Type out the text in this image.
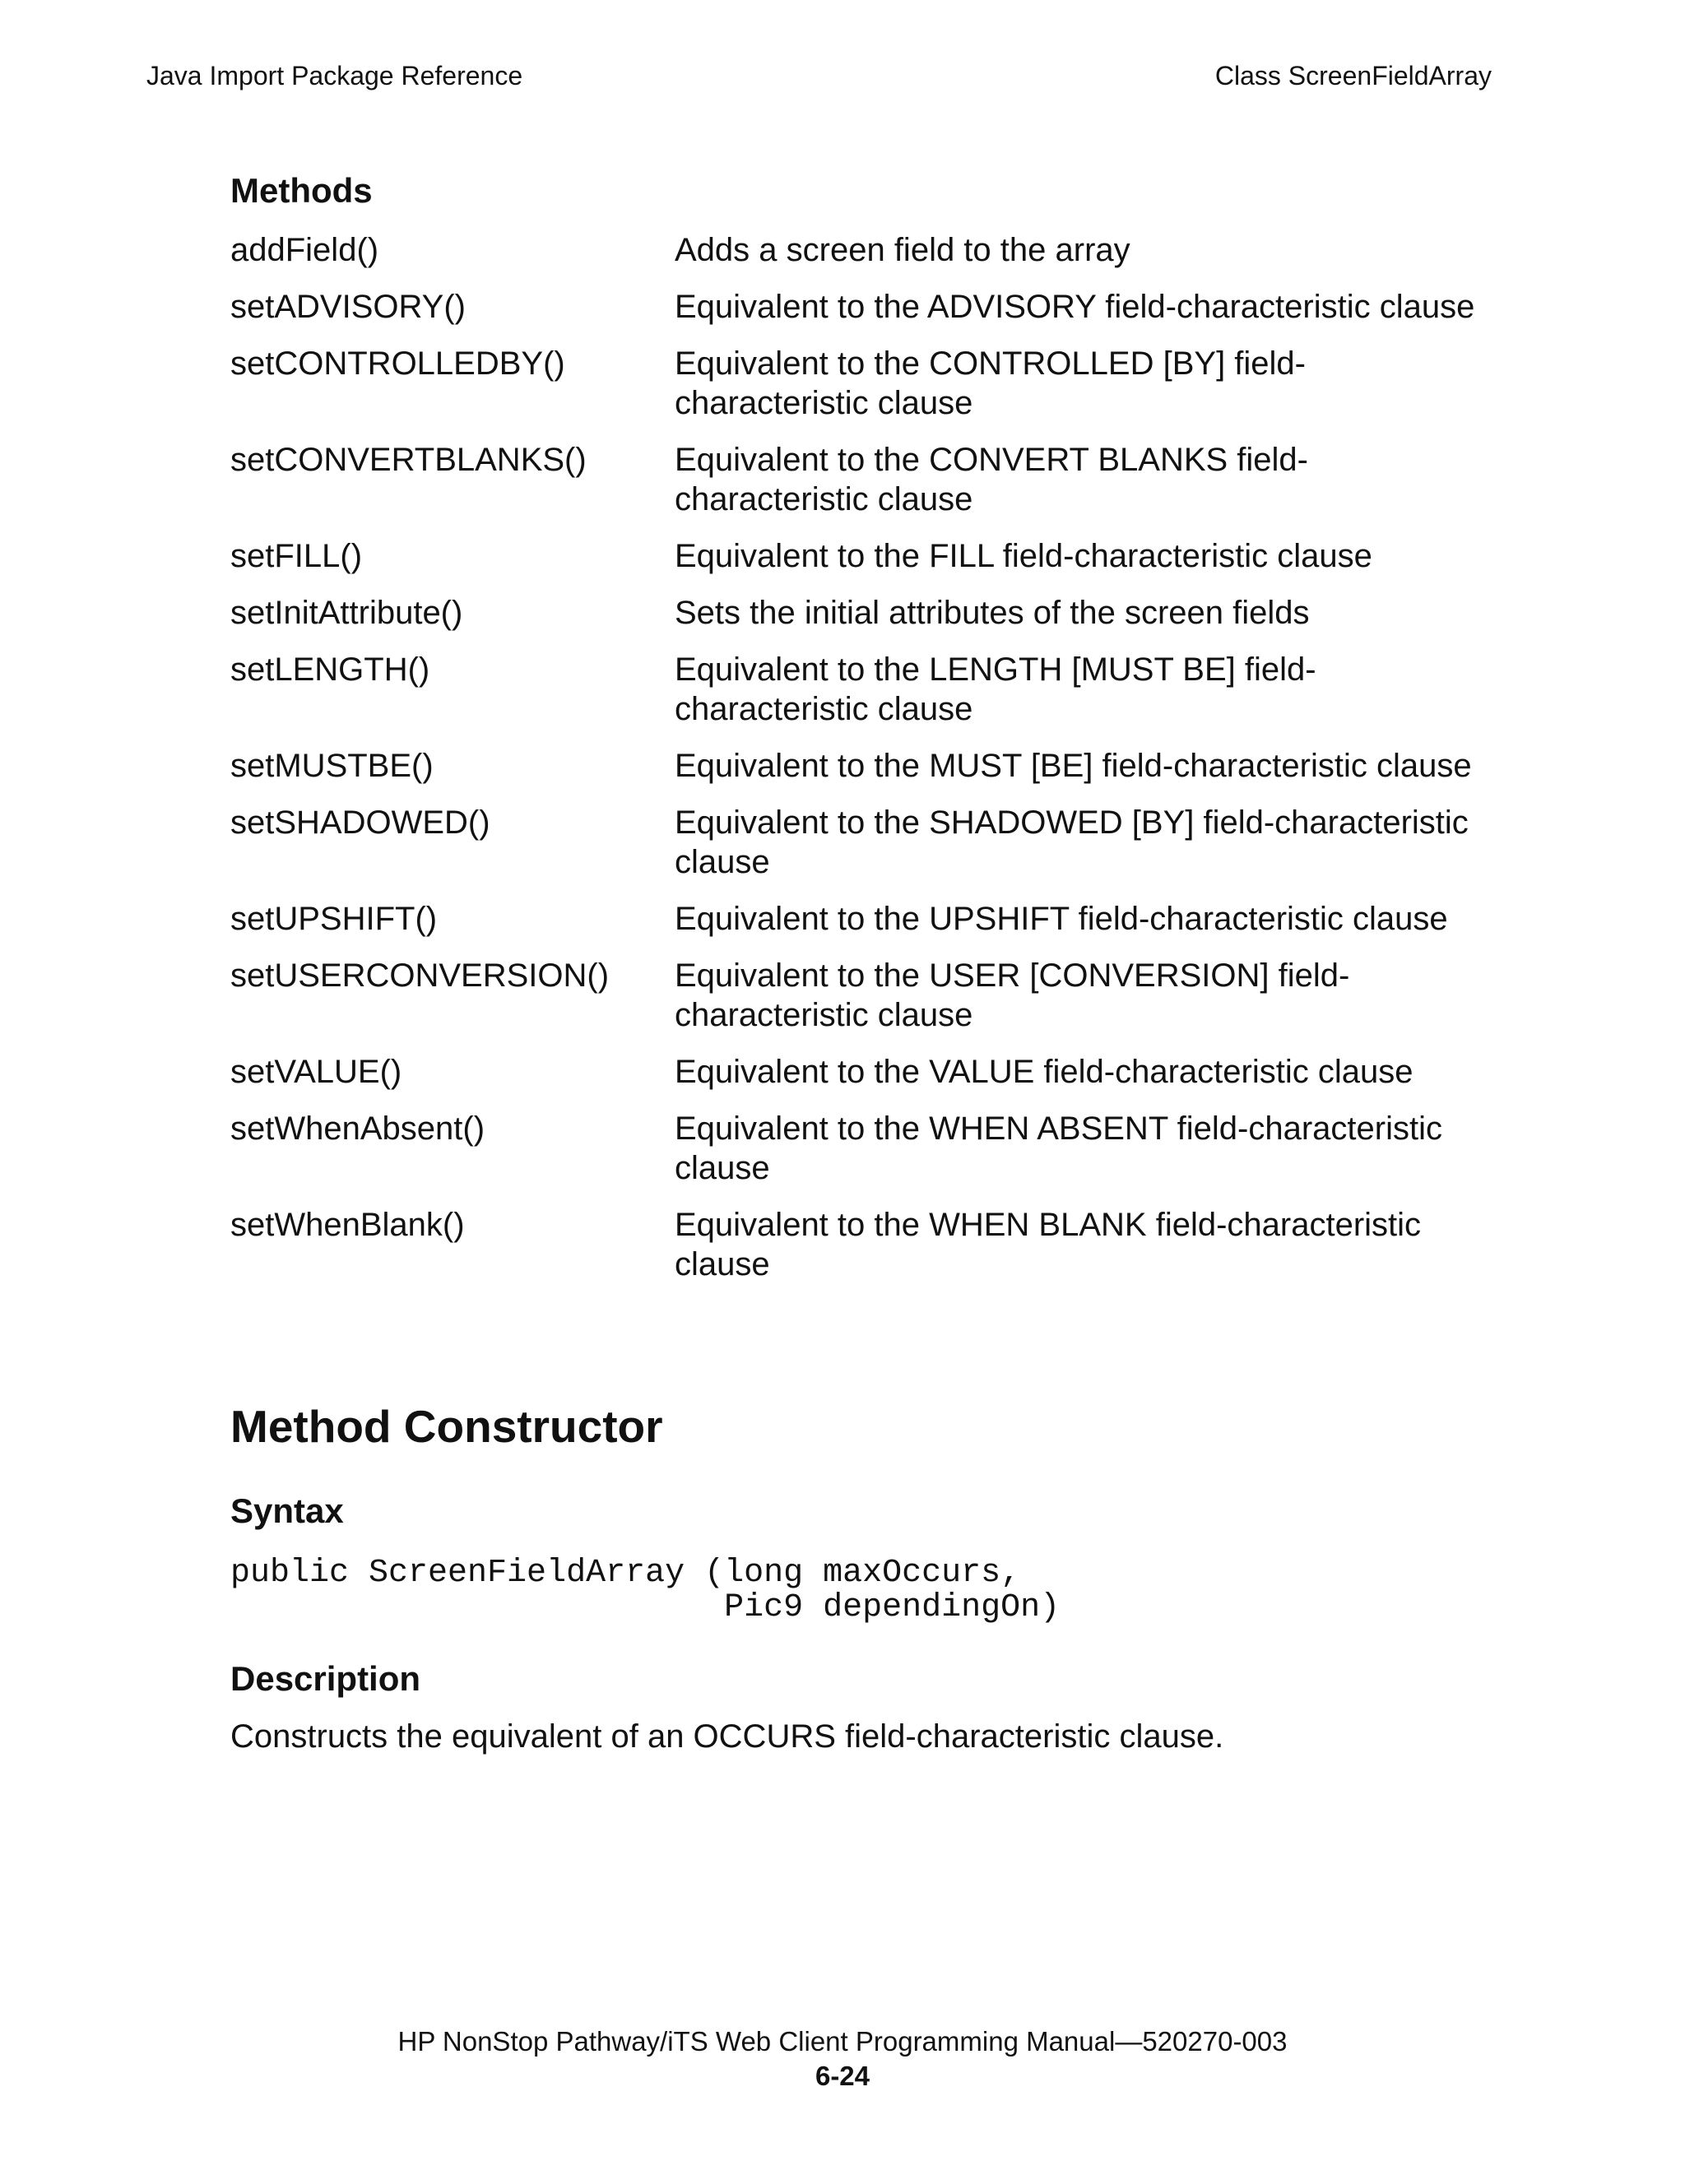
Java Import Package Reference	Class ScreenFieldArray
Methods
addField()	Adds a screen field to the array
setADVISORY()	Equivalent to the ADVISORY field-characteristic clause
setCONTROLLEDBY()	Equivalent to the CONTROLLED [BY] field-characteristic clause
setCONVERTBLANKS()	Equivalent to the CONVERT BLANKS field-characteristic clause
setFILL()	Equivalent to the FILL field-characteristic clause
setInitAttribute()	Sets the initial attributes of the screen fields
setLENGTH()	Equivalent to the LENGTH [MUST BE] field-characteristic clause
setMUSTBE()	Equivalent to the MUST [BE] field-characteristic clause
setSHADOWED()	Equivalent to the SHADOWED [BY] field-characteristic clause
setUPSHIFT()	Equivalent to the UPSHIFT field-characteristic clause
setUSERCONVERSION()	Equivalent to the USER [CONVERSION] field-characteristic clause
setVALUE()	Equivalent to the VALUE field-characteristic clause
setWhenAbsent()	Equivalent to the WHEN ABSENT field-characteristic clause
setWhenBlank()	Equivalent to the WHEN BLANK field-characteristic clause
Method Constructor
Syntax
public ScreenFieldArray (long maxOccurs,
Pic9 dependingOn)
Description
Constructs the equivalent of an OCCURS field-characteristic clause.
HP NonStop Pathway/iTS Web Client Programming Manual—520270-003
6-24
